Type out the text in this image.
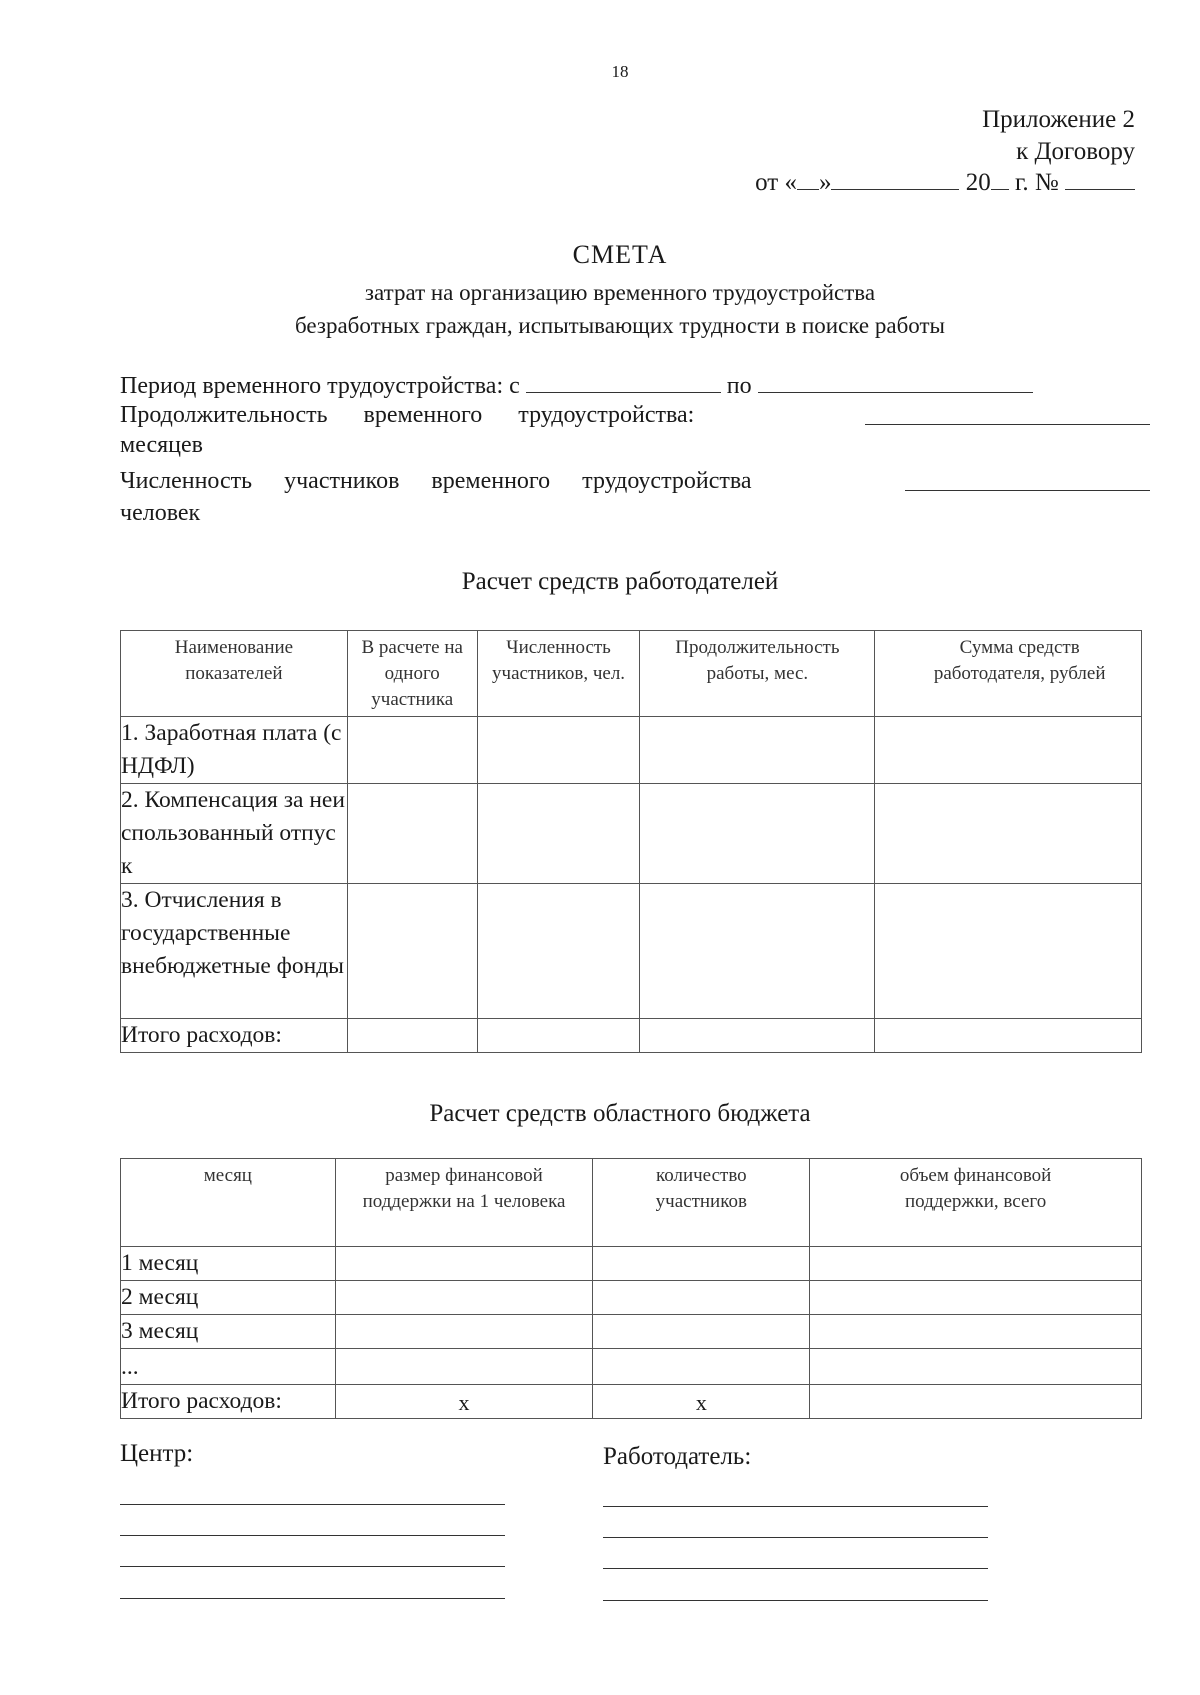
18
Приложение 2
к Договору
от « »	20 г. №
СМЕТА
затрат на организацию временного трудоустройства
безработных граждан, испытывающих трудности в поиске работы
Период временного трудоустройства: с	по
Продолжительность временного трудоустройства:
месяцев
Численность участников временного трудоустройства
человек
Расчет средств работодателей
Наименование показателей	В расчете на одного участника	Численность участников, чел.	Продолжительность работы, мес.	Сумма средств работодателя, рублей
1. Заработная плата (с НДФЛ)				
2. Компенсация за неиспользованный отпуск				
3. Отчисления в государственные внебюджетные фонды				
Итого расходов:				
Расчет средств областного бюджета
месяц	размер финансовой поддержки на 1 человека	количество участников	объем финансовой поддержки, всего
1 месяц			
2 месяц			
3 месяц			
...			
Итого расходов:	x	x	
Центр:	Работодатель:
